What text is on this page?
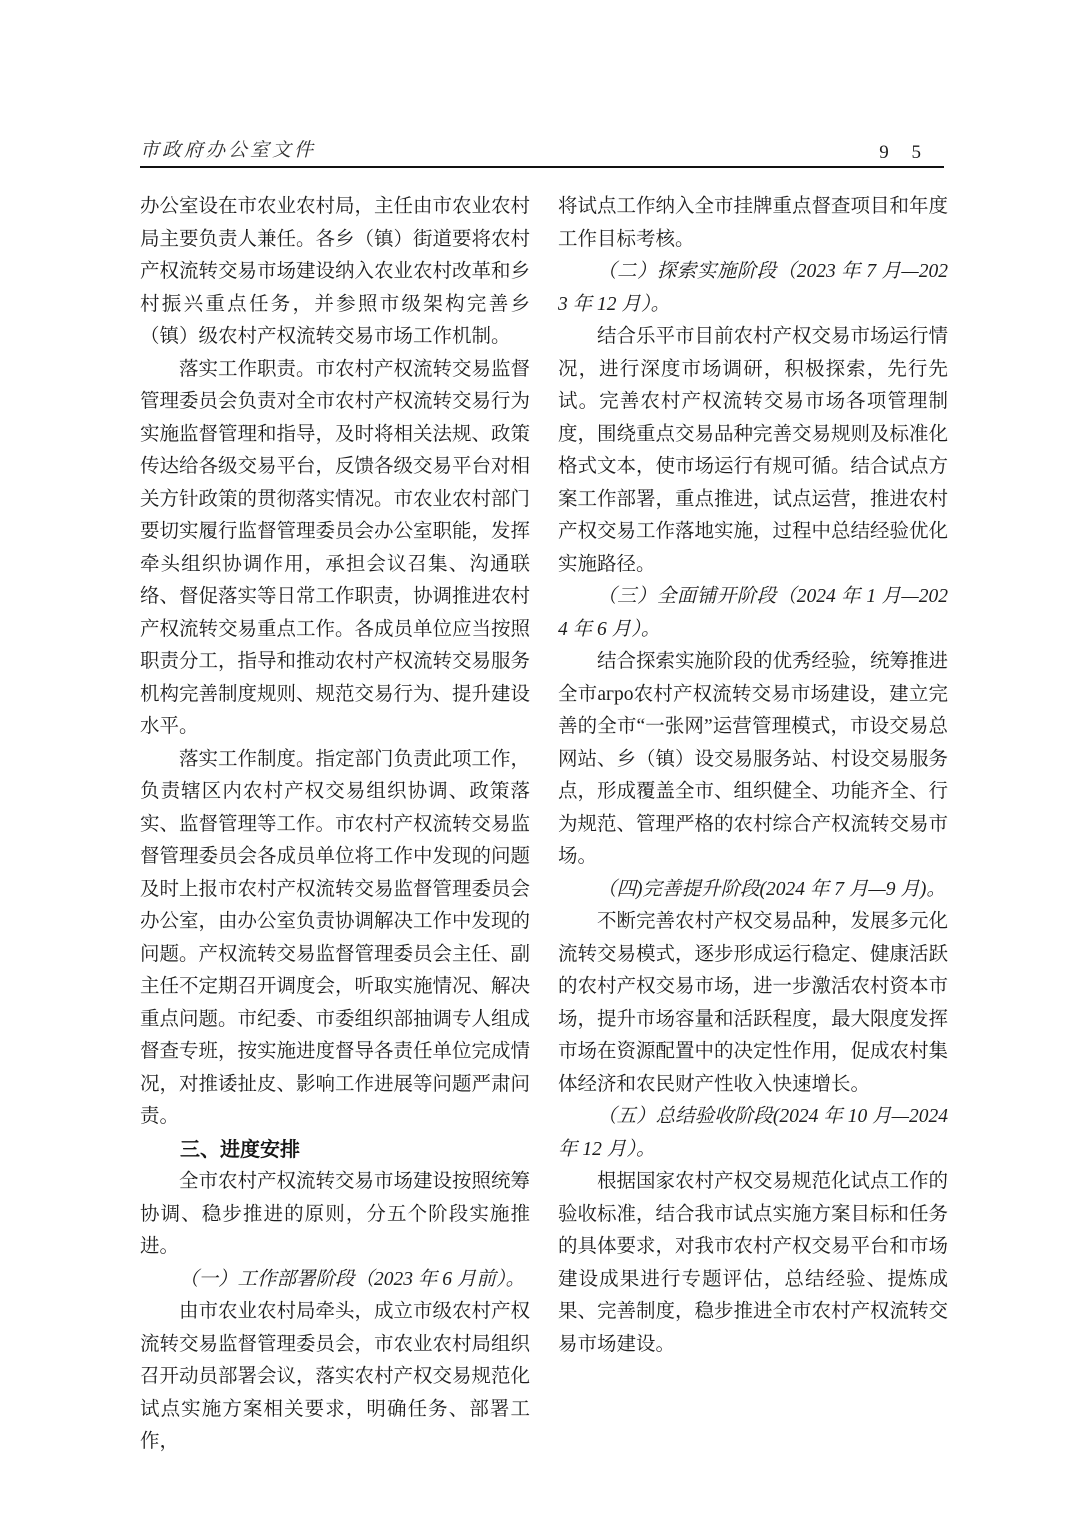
市政府办公室文件	9 5

办公室设在市农业农村局，主任由市农业农村局主要负责人兼任。各乡（镇）街道要将农村产权流转交易市场建设纳入农业农村改革和乡村振兴重点任务，并参照市级架构完善乡（镇）级农村产权流转交易市场工作机制。

落实工作职责。市农村产权流转交易监督管理委员会负责对全市农村产权流转交易行为实施监督管理和指导，及时将相关法规、政策传达给各级交易平台，反馈各级交易平台对相关方针政策的贯彻落实情况。市农业农村部门要切实履行监督管理委员会办公室职能，发挥牵头组织协调作用，承担会议召集、沟通联络、督促落实等日常工作职责，协调推进农村产权流转交易重点工作。各成员单位应当按照职责分工，指导和推动农村产权流转交易服务机构完善制度规则、规范交易行为、提升建设水平。

落实工作制度。指定部门负责此项工作，负责辖区内农村产权交易组织协调、政策落实、监督管理等工作。市农村产权流转交易监督管理委员会各成员单位将工作中发现的问题及时上报市农村产权流转交易监督管理委员会办公室，由办公室负责协调解决工作中发现的问题。产权流转交易监督管理委员会主任、副主任不定期召开调度会，听取实施情况、解决重点问题。市纪委、市委组织部抽调专人组成督查专班，按实施进度督导各责任单位完成情况，对推诿扯皮、影响工作进展等问题严肃问责。

三、进度安排

全市农村产权流转交易市场建设按照统筹协调、稳步推进的原则，分五个阶段实施推进。

（一）工作部署阶段（2023 年 6 月前）。

由市农业农村局牵头，成立市级农村产权流转交易监督管理委员会，市农业农村局组织召开动员部署会议，落实农村产权交易规范化试点实施方案相关要求，明确任务、部署工作，

将试点工作纳入全市挂牌重点督查项目和年度工作目标考核。

（二）探索实施阶段（2023 年 7 月—2023 年 12 月）。

结合乐平市目前农村产权交易市场运行情况，进行深度市场调研，积极探索，先行先试。完善农村产权流转交易市场各项管理制度，围绕重点交易品种完善交易规则及标准化格式文本，使市场运行有规可循。结合试点方案工作部署，重点推进，试点运营，推进农村产权交易工作落地实施，过程中总结经验优化实施路径。

（三）全面铺开阶段（2024 年 1 月—2024 年 6 月）。

结合探索实施阶段的优秀经验，统筹推进全市агро农村产权流转交易市场建设，建立完善的全市“一张网”运营管理模式，市设交易总网站、乡（镇）设交易服务站、村设交易服务点，形成覆盖全市、组织健全、功能齐全、行为规范、管理严格的农村综合产权流转交易市场。

（四)完善提升阶段(2024 年 7 月—9 月)。

不断完善农村产权交易品种，发展多元化流转交易模式，逐步形成运行稳定、健康活跃的农村产权交易市场，进一步激活农村资本市场，提升市场容量和活跃程度，最大限度发挥市场在资源配置中的决定性作用，促成农村集体经济和农民财产性收入快速增长。

（五）总结验收阶段(2024 年 10 月—2024 年 12 月）。

根据国家农村产权交易规范化试点工作的验收标准，结合我市试点实施方案目标和任务的具体要求，对我市农村产权交易平台和市场建设成果进行专题评估，总结经验、提炼成果、完善制度，稳步推进全市农村产权流转交易市场建设。
